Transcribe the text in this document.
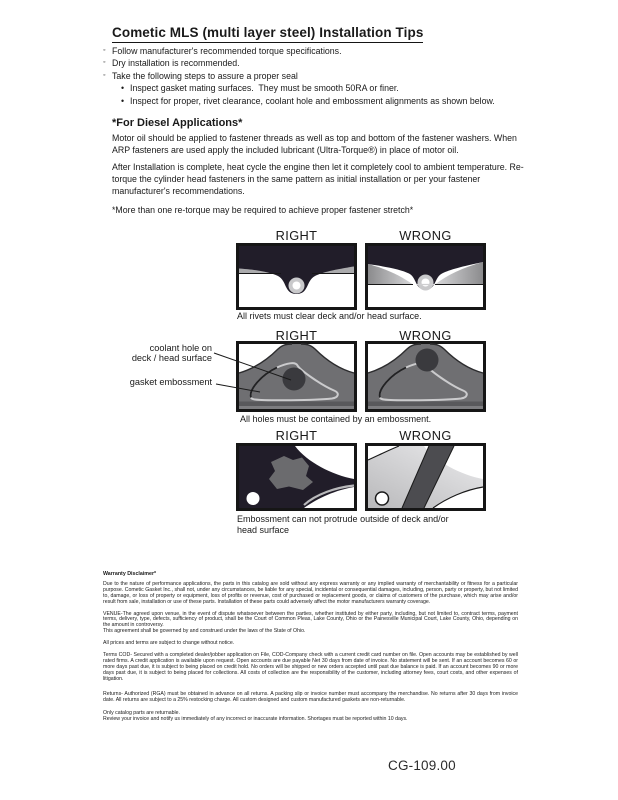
Cometic MLS (multi layer steel) Installation Tips
◦ Follow manufacturer's recommended torque specifications.
◦ Dry installation is recommended.
◦ Take the following steps to assure a proper seal
• Inspect gasket mating surfaces.  They must be smooth 50RA or finer.
• Inspect for proper, rivet clearance, coolant hole and embossment alignments as shown below.
*For Diesel Applications*
Motor oil should be applied to fastener threads as well as top and bottom of the fastener washers. When ARP fasteners are used apply the included lubricant (Ultra-Torque®) in place of motor oil.
After Installation is complete, heat cycle the engine then let it completely cool to ambient temperature. Re-torque the cylinder head fasteners in the same pattern as initial installation or per your fastener manufacturer's recommendations.
*More than one re-torque may be required to achieve proper fastener stretch*
RIGHT	WRONG
All rivets must clear deck and/or head surface.
RIGHT	WRONG
coolant hole on
deck / head surface
gasket embossment
All holes must be contained by an embossment.
RIGHT	WRONG
Embossment can not protrude outside of deck and/or head surface

Warranty Disclaimer*

Due to the nature of performance applications, the parts in this catalog are sold without any express warranty or any implied warranty of merchantability or fitness for a particular purpose. Cometic Gasket Inc., shall not, under any circumstances, be liable for any special, incidental or consequential damages, including, person, party or property, but not limited to, damage, or loss of property or equipment, loss of profits or revenue, cost of purchased or replacement goods, or claims of customers of the purchase, which may arise and/or result from sale, installation or use of these parts. Installation of these parts could adversely affect the motor manufacturers warranty coverage.

VENUE-The agreed upon venue, in the event of dispute whatsoever between the parties, whether instituted by either party, including, but not limited to, contract terms, payment terms, delivery, type, defects, sufficiency of product, shall be the Court of Common Pleas, Lake County, Ohio or the Painesville Municipal Court, Lake County, Ohio, depending on the amount in controversy.

This agreement shall be governed by and construed under the laws of the State of Ohio.

All prices and terms are subject to change without notice.

Terms COD- Secured with a completed dealer/jobber application on File, COD-Company check with a current credit card number on file. Open accounts may be established by well rated firms. A credit application is available upon request. Open accounts are due payable Net 30 days from date of invoice. No statement will be sent. If an account becomes 60 or more days past due, it is subject to being placed on credit hold. No orders will be shipped or new orders accepted until past due balance is paid. If an account becomes 90 or more days past due, it is subject to being placed for collections. All costs of collection are the responsibility of the customer, including attorney fees, court costs, and other expenses of litigation.

Returns- Authorized (RGA) must be obtained in advance on all returns. A packing slip or invoice number must accompany the merchandise. No returns after 30 days from invoice date. All returns are subject to a 25% restocking charge. All custom designed and custom manufactured gaskets are non-returnable.

Only catalog parts are returnable.

Review your invoice and notify us immediately of any incorrect or inaccurate information. Shortages must be reported within 10 days.

CG-109.00
